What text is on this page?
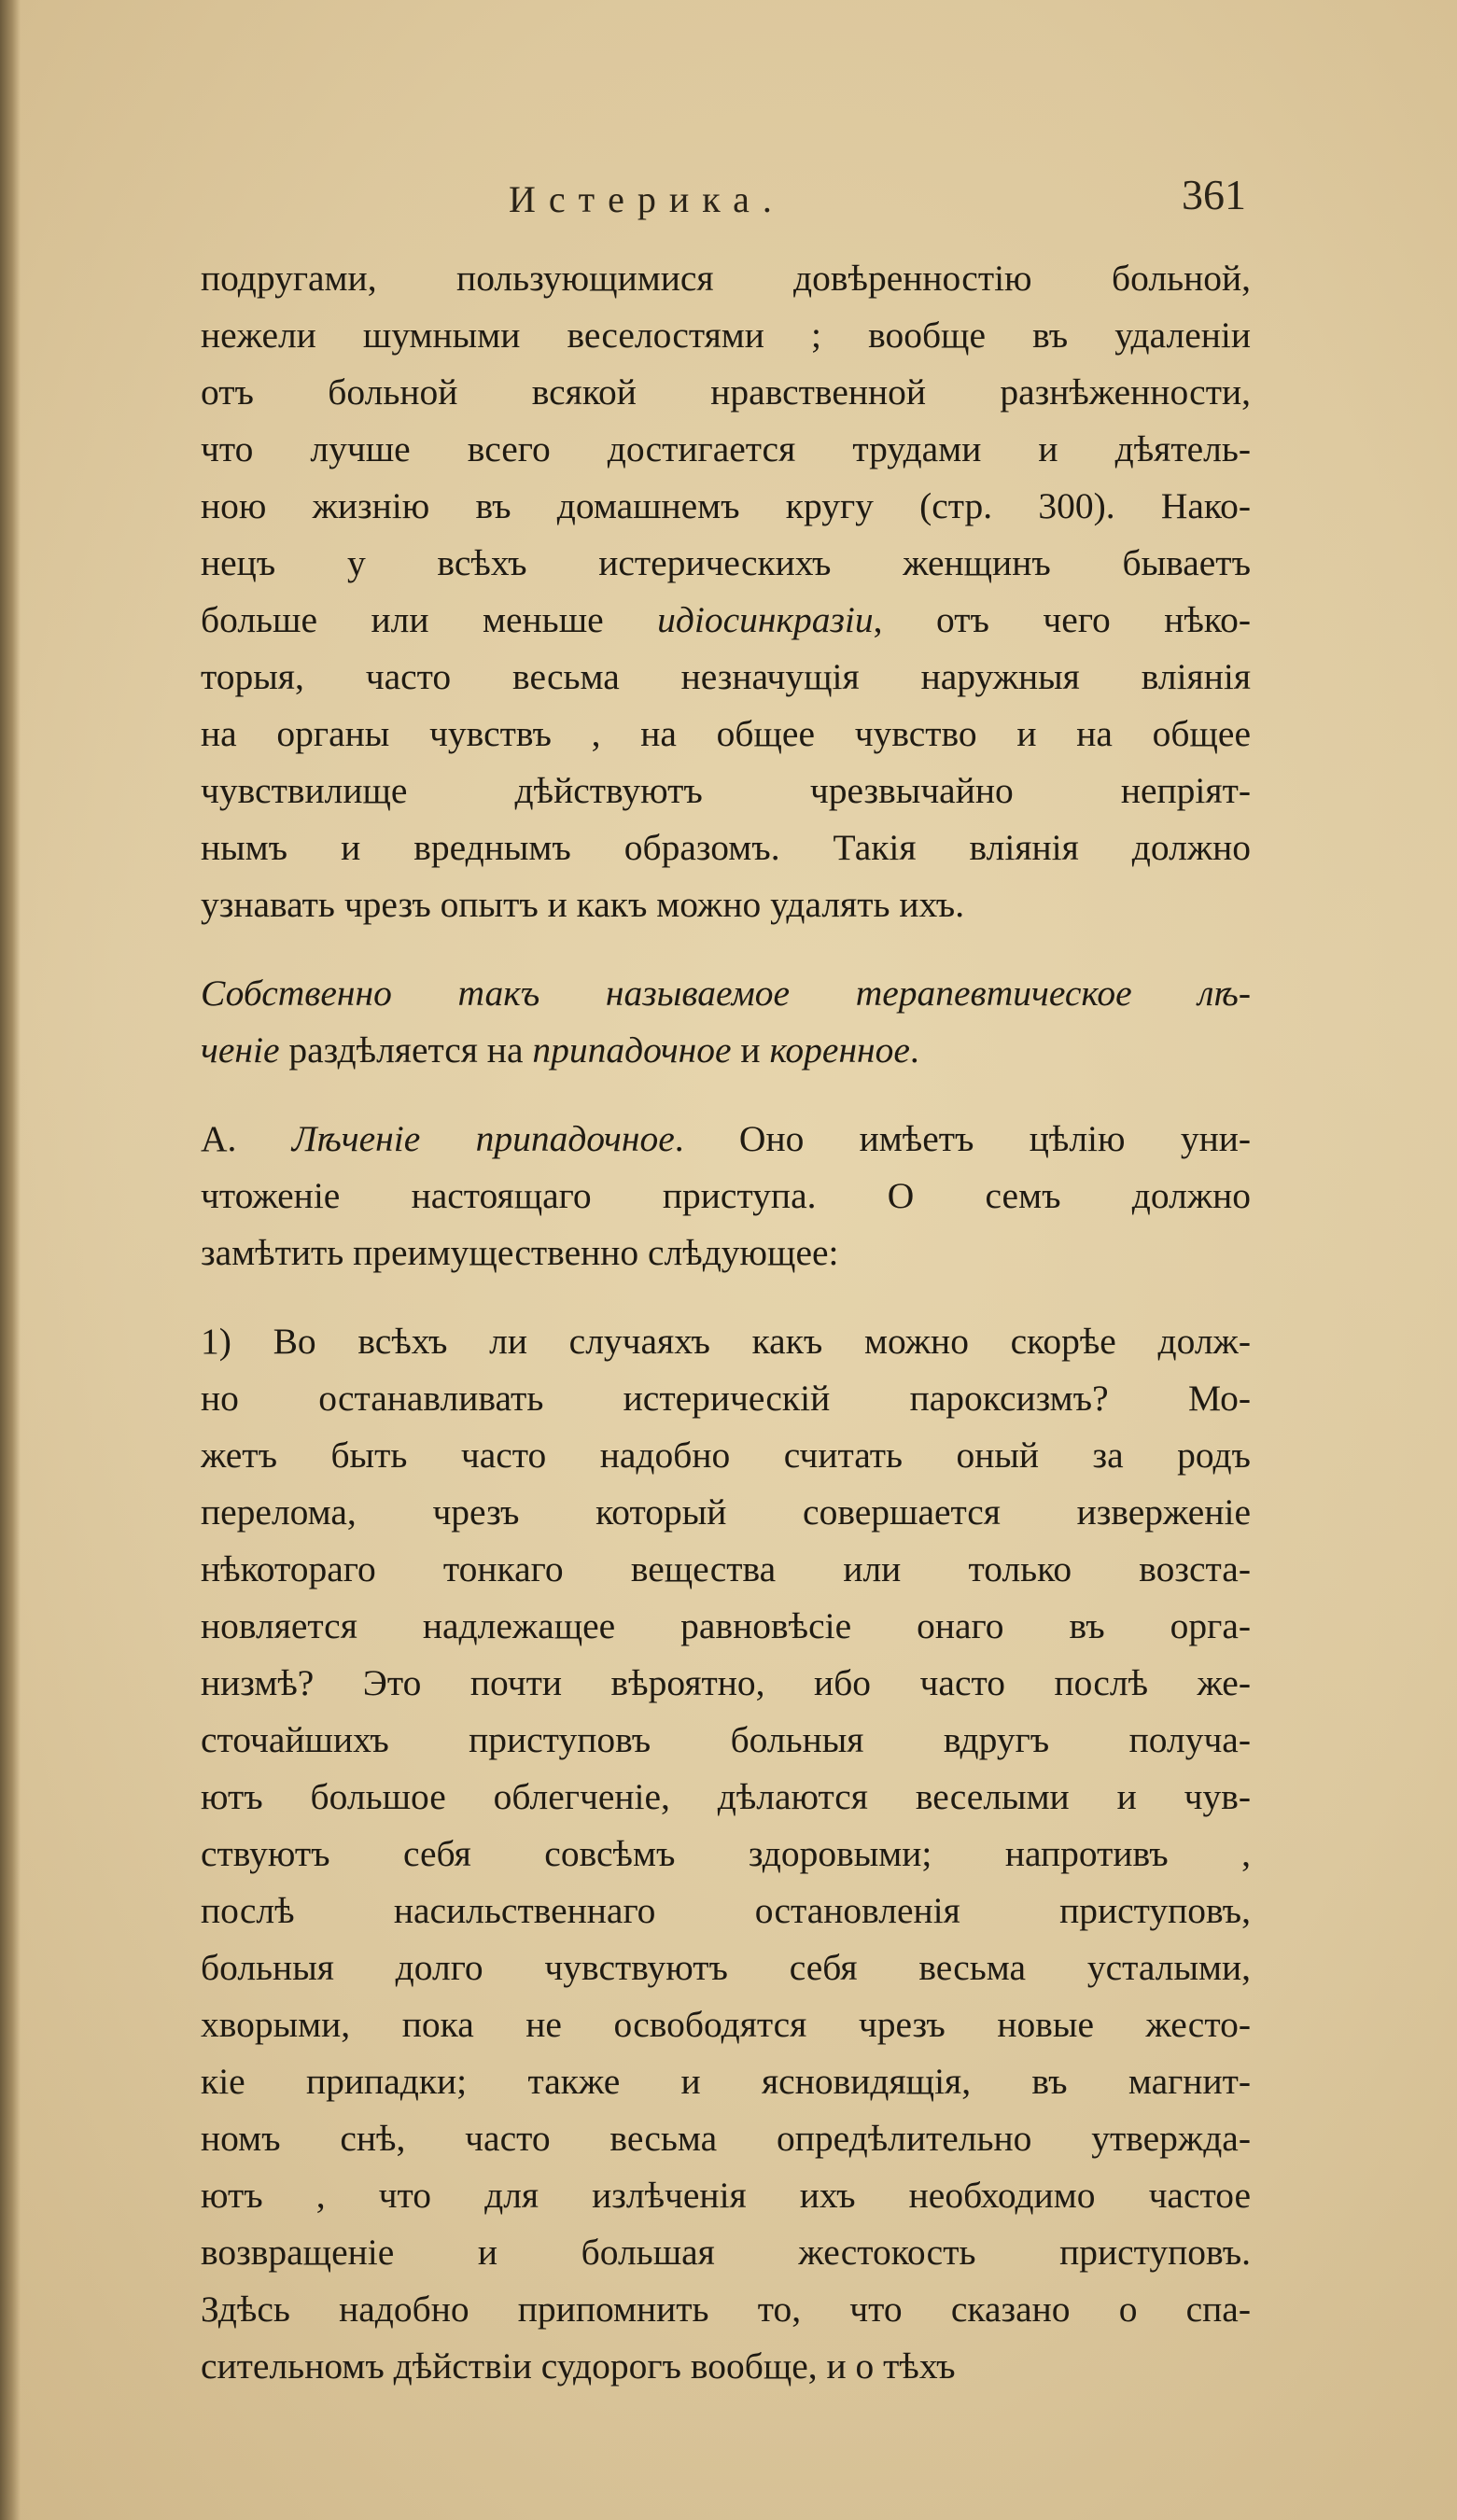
Истерика.	361
подругами, пользующимися довѣренностію больной,
нежели шумными веселостями ; вообще въ удаленіи
отъ больной всякой нравственной разнѣженности,
что лучше всего достигается трудами и дѣятель-
ною жизнію въ домашнемъ кругу (стр. 300). Нако-
нецъ у всѣхъ истерическихъ женщинъ бываетъ
больше или меньше идіосинкразіи, отъ чего нѣко-
торыя, часто весьма незначущія наружныя вліянія
на органы чувствъ , на общее чувство и на общее
чувствилище дѣйствуютъ чрезвычайно непріят-
нымъ и вреднымъ образомъ. Такія вліянія должно
узнавать чрезъ опытъ и какъ можно удалять ихъ.
Собственно такъ называемое терапевтическое лѣ-
ченіе раздѣляется на припадочное и коренное.
А. Лѣченіе припадочное. Оно имѣетъ цѣлію уни-
чтоженіе настоящаго приступа. О семъ должно
замѣтить преимущественно слѣдующее:
1) Во всѣхъ ли случаяхъ какъ можно скорѣе долж-
но останавливать истерическій пароксизмъ? Мо-
жетъ быть часто надобно считать оный за родъ
перелома, чрезъ который совершается изверженіе
нѣкотораго тонкаго вещества или только возста-
новляется надлежащее равновѣсіе онаго въ орга-
низмѣ? Это почти вѣроятно, ибо часто послѣ же-
сточайшихъ приступовъ больныя вдругъ получа-
ютъ большое облегченіе, дѣлаются веселыми и чув-
ствуютъ себя совсѣмъ здоровыми; напротивъ ,
послѣ насильственнаго остановленія приступовъ,
больныя долго чувствуютъ себя весьма усталыми,
хворыми, пока не освободятся чрезъ новые жесто-
кіе припадки; также и ясновидящія, въ магнит-
номъ снѣ, часто весьма опредѣлительно утвержда-
ютъ , что для излѣченія ихъ необходимо частое
возвращеніе и большая жестокость приступовъ.
Здѣсь надобно припомнить то, что сказано о спа-
сительномъ дѣйствіи судорогъ вообще, и о тѣхъ
